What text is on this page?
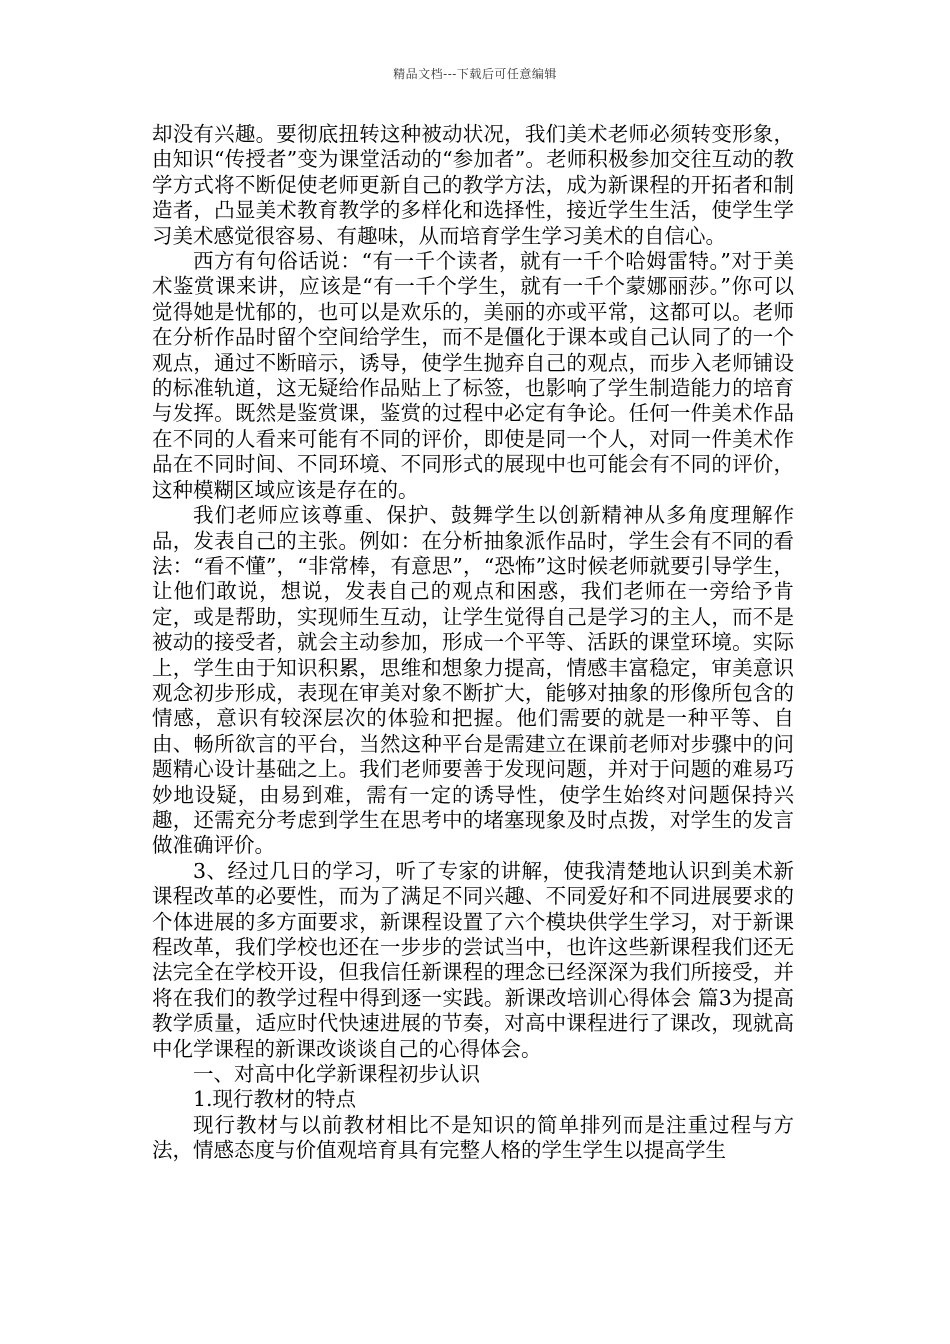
精品文档---下载后可任意编辑

却没有兴趣。要彻底扭转这种被动状况，我们美术老师必须转变形象，由知识“传授者”变为课堂活动的“参加者”。老师积极参加交往互动的教学方式将不断促使老师更新自己的教学方法，成为新课程的开拓者和制造者，凸显美术教育教学的多样化和选择性，接近学生生活，使学生学习美术感觉很容易、有趣味，从而培育学生学习美术的自信心。

西方有句俗话说：“有一千个读者，就有一千个哈姆雷特。”对于美术鉴赏课来讲，应该是“有一千个学生，就有一千个蒙娜丽莎。”你可以觉得她是忧郁的，也可以是欢乐的，美丽的亦或平常，这都可以。老师在分析作品时留个空间给学生，而不是僵化于课本或自己认同了的一个观点，通过不断暗示，诱导，使学生抛弃自己的观点，而步入老师铺设的标准轨道，这无疑给作品贴上了标签，也影响了学生制造能力的培育与发挥。既然是鉴赏课，鉴赏的过程中必定有争论。任何一件美术作品在不同的人看来可能有不同的评价，即使是同一个人，对同一件美术作品在不同时间、不同环境、不同形式的展现中也可能会有不同的评价，这种模糊区域应该是存在的。

我们老师应该尊重、保护、鼓舞学生以创新精神从多角度理解作品，发表自己的主张。例如：在分析抽象派作品时，学生会有不同的看法：“看不懂”，“非常棒，有意思”，“恐怖”这时候老师就要引导学生，让他们敢说，想说，发表自己的观点和困惑，我们老师在一旁给予肯定，或是帮助，实现师生互动，让学生觉得自己是学习的主人，而不是被动的接受者，就会主动参加，形成一个平等、活跃的课堂环境。实际上，学生由于知识积累，思维和想象力提高，情感丰富稳定，审美意识观念初步形成，表现在审美对象不断扩大，能够对抽象的形像所包含的情感，意识有较深层次的体验和把握。他们需要的就是一种平等、自由、畅所欲言的平台，当然这种平台是需建立在课前老师对步骤中的问题精心设计基础之上。我们老师要善于发现问题，并对于问题的难易巧妙地设疑，由易到难，需有一定的诱导性，使学生始终对问题保持兴趣，还需充分考虑到学生在思考中的堵塞现象及时点拨，对学生的发言做准确评价。

3、经过几日的学习，听了专家的讲解，使我清楚地认识到美术新课程改革的必要性，而为了满足不同兴趣、不同爱好和不同进展要求的个体进展的多方面要求，新课程设置了六个模块供学生学习，对于新课程改革，我们学校也还在一步步的尝试当中，也许这些新课程我们还无法完全在学校开设，但我信任新课程的理念已经深深为我们所接受，并将在我们的教学过程中得到逐一实践。新课改培训心得体会 篇3为提高教学质量，适应时代快速进展的节奏，对高中课程进行了课改，现就高中化学课程的新课改谈谈自己的心得体会。

一、对高中化学新课程初步认识

1.现行教材的特点

现行教材与以前教材相比不是知识的简单排列而是注重过程与方法，情感态度与价值观培育具有完整人格的学生学生以提高学生
